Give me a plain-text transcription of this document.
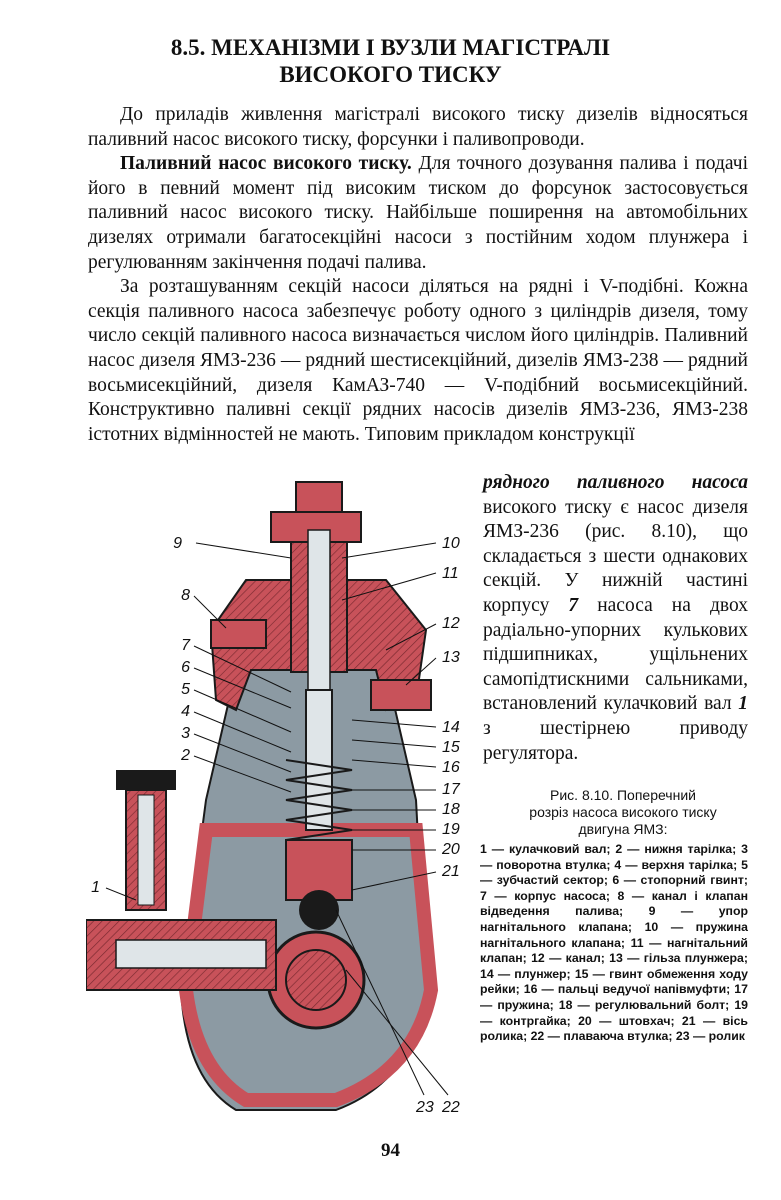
8.5. МЕХАНІЗМИ І ВУЗЛИ МАГІСТРАЛІ
ВИСОКОГО ТИСКУ

До приладів живлення магістралі високого тиску дизелів відносяться паливний насос високого тиску, форсунки і паливопроводи.

Паливний насос високого тиску. Для точного дозування палива і подачі його в певний момент під високим тиском до форсунок застосовується паливний насос високого тиску. Найбільше поширення на автомобільних дизелях отримали багатосекційні насоси з постійним ходом плунжера і регулюванням закінчення подачі палива.

За розташуванням секцій насоси діляться на рядні і V-подібні. Кожна секція паливного насоса забезпечує роботу одного з циліндрів дизеля, тому число секцій паливного насоса визначається числом його циліндрів. Паливний насос дизеля ЯМЗ-236 — рядний шестисекційний, дизелів ЯМЗ-238 — рядний восьмисекційний, дизеля КамАЗ-740 — V-подібний восьмисекційний. Конструктивно паливні секції рядних насосів дизелів ЯМЗ-236, ЯМЗ-238 істотних відмінностей не мають. Типовим прикладом конструкції

рядного паливного насоса високого тиску є насос дизеля ЯМЗ-236 (рис. 8.10), що складається з шести однакових секцій. У нижній частині корпусу 7 насоса на двох радіально-упорних кулькових підшипниках, ущільнених самопідтискними сальниками, встановлений кулачковий вал 1 з шестірнею приводу регулятора.
9
8
7
6
5
4
3
2
1
10
11
12
13
14
15
16
17
18
19
20
21
23 22
Рис. 8.10. Поперечний
розріз насоса високого тиску
двигуна ЯМЗ:
1 — кулачковий вал; 2 — нижня тарілка; 3 — поворотна втулка; 4 — верхня тарілка; 5 — зубчастий сектор; 6 — стопорний гвинт; 7 — корпус насоса; 8 — канал і клапан відведення палива; 9 — упор нагнітального клапана; 10 — пружина нагнітального клапана; 11 — нагнітальний клапан; 12 — канал; 13 — гільза плунжера; 14 — плунжер; 15 — гвинт обмеження ходу рейки; 16 — пальці ведучої напівмуфти; 17 — пружина; 18 — регулювальний болт; 19 — контргайка; 20 — штовхач; 21 — вісь ролика; 22 — плаваюча втулка; 23 — ролик
94
